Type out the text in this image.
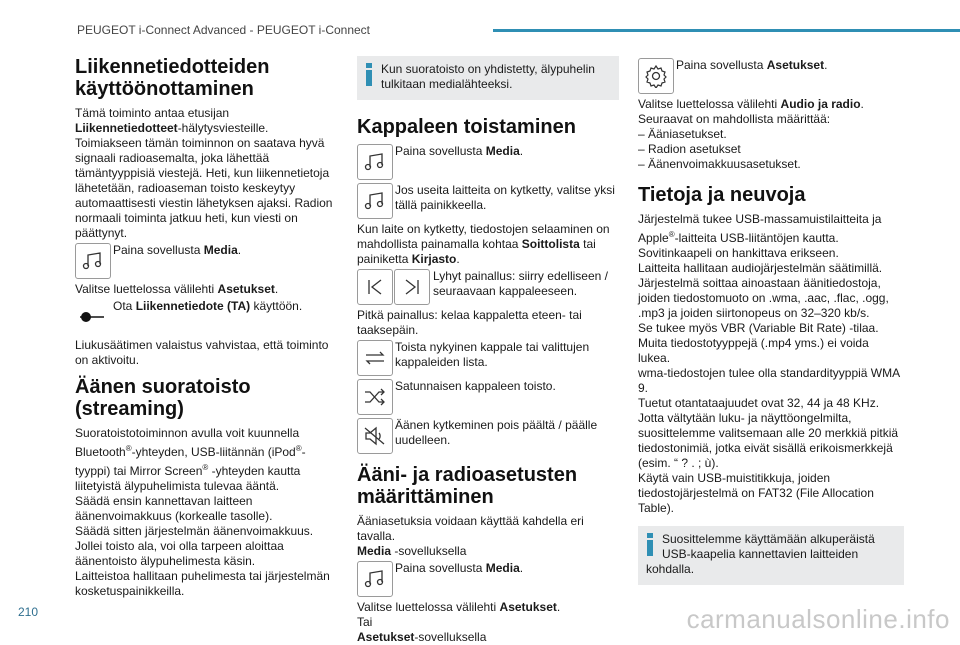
PEUGEOT i-Connect Advanced - PEUGEOT i-Connect
Liikennetiedotteiden käyttöönottaminen

Tämä toiminto antaa etusijan Liikennetiedotteet-hälytysviesteille.

Toimiakseen tämän toiminnon on saatava hyvä signaali radioasemalta, joka lähettää tämäntyyppisiä viestejä. Heti, kun liikennetietoja lähetetään, radioaseman toisto keskeytyy automaattisesti viestin lähetyksen ajaksi. Radion normaali toiminta jatkuu heti, kun viesti on päättynyt.

Paina sovellusta Media.

Valitse luettelossa välilehti Asetukset.

Ota Liikennetiedote (TA) käyttöön.

Liukusäätimen valaistus vahvistaa, että toiminto on aktivoitu.

Äänen suoratoisto (streaming)

Suoratoistotoiminnon avulla voit kuunnella Bluetooth®-yhteyden, USB-liitännän (iPod®-tyyppi) tai Mirror Screen® -yhteyden kautta liitetyistä älypuhelimista tulevaa ääntä.

Säädä ensin kannettavan laitteen äänenvoimakkuus (korkealle tasolle).

Säädä sitten järjestelmän äänenvoimakkuus.

Jollei toisto ala, voi olla tarpeen aloittaa äänentoisto älypuhelimesta käsin.

Laitteistoa hallitaan puhelimesta tai järjestelmän kosketuspainikkeilla.

Kun suoratoisto on yhdistetty, älypuhelin tulkitaan medialähteeksi.
Kappaleen toistaminen
Paina sovellusta Media.
Jos useita laitteita on kytketty, valitse yksi tällä painikkeella.

Kun laite on kytketty, tiedostojen selaaminen on mahdollista painamalla kohtaa Soittolista tai painiketta Kirjasto.

Lyhyt painallus: siirry edelliseen / seuraavaan kappaleeseen.

Pitkä painallus: kelaa kappaletta eteen- tai taaksepäin.

Toista nykyinen kappale tai valittujen kappaleiden lista.
Satunnaisen kappaleen toisto.
Äänen kytkeminen pois päältä / päälle uudelleen.
Ääni- ja radioasetusten määrittäminen

Ääniasetuksia voidaan käyttää kahdella eri tavalla.

Media -sovelluksella

Paina sovellusta Media.

Valitse luettelossa välilehti Asetukset.

Tai

Asetukset-sovelluksella

Paina sovellusta Asetukset.

Valitse luettelossa välilehti Audio ja radio.

Seuraavat on mahdollista määrittää:

– Ääniasetukset.

– Radion asetukset

– Äänenvoimakkuusasetukset.

Tietoja ja neuvoja

Järjestelmä tukee USB-massamuistilaitteita ja Apple®-laitteita USB-liitäntöjen kautta.

Sovitinkaapeli on hankittava erikseen.

Laitteita hallitaan audiojärjestelmän säätimillä.

Järjestelmä soittaa ainoastaan äänitiedostoja, joiden tiedostomuoto on .wma, .aac, .flac, .ogg, .mp3 ja joiden siirtonopeus on 32–320 kb/s.

Se tukee myös VBR (Variable Bit Rate) -tilaa.

Muita tiedostotyyppejä (.mp4 yms.) ei voida lukea.

wma-tiedostojen tulee olla standardityyppiä WMA 9.

Tuetut otantataajuudet ovat 32, 44 ja 48 KHz.

Jotta vältytään luku- ja näyttöongelmilta, suosittelemme valitsemaan alle 20 merkkiä pitkiä tiedostonimiä, jotka eivät sisällä erikoismerkkejä (esim. “ ? . ; ù).

Käytä vain USB-muistitikkuja, joiden tiedostojärjestelmä on FAT32 (File Allocation Table).

Suosittelemme käyttämään alkuperäistä USB-kaapelia kannettavien laitteiden kohdalla.
210	carmanualsonline.info
